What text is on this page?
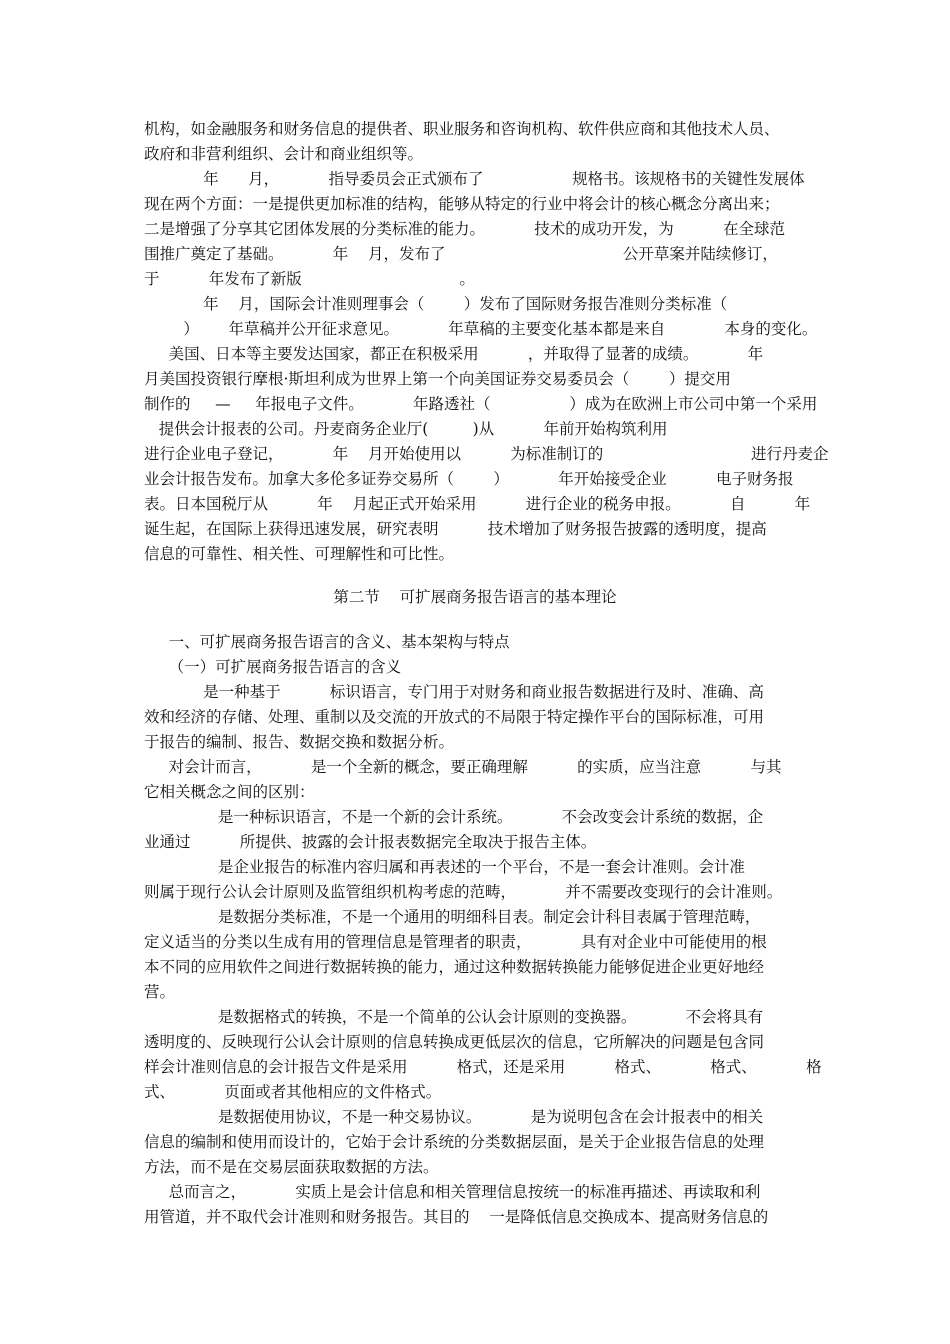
机构，如金融服务和财务信息的提供者、职业服务和咨询机构、软件供应商和其他技术人员、
政府和非营利组织、会计和商业组织等。
年      月，          指导委员会正式颁布了                  规格书。该规格书的关键性发展体
现在两个方面：一是提供更加标准的结构，能够从特定的行业中将会计的核心概念分离出来；
二是增强了分享其它团体发展的分类标准的能力。          技术的成功开发，为          在全球范
围推广奠定了基础。          年    月，发布了                                    公开草案并陆续修订，
于          年发布了新版                                。
年    月，国际会计准则理事会（        ）发布了国际财务报告准则分类标准（
）      年草稿并公开征求意见。          年草稿的主要变化基本都是来自            本身的变化。
美国、日本等主要发达国家，都正在积极采用          ，并取得了显著的成绩。          年
月美国投资银行摩根·斯坦利成为世界上第一个向美国证券交易委员会（        ）提交用
制作的     —     年报电子文件。          年路透社（                ）成为在欧洲上市公司中第一个采用
提供会计报表的公司。丹麦商务企业厅(         )从          年前开始构筑利用
进行企业电子登记，          年    月开始使用以          为标准制订的                              进行丹麦企
业会计报告发布。加拿大多伦多证券交易所（        ）          年开始接受企业          电子财务报
表。日本国税厅从          年    月起正式开始采用          进行企业的税务申报。          自          年
诞生起，在国际上获得迅速发展，研究表明          技术增加了财务报告披露的透明度，提高
信息的可靠性、相关性、可理解性和可比性。
第二节    可扩展商务报告语言的基本理论
一、可扩展商务报告语言的含义、基本架构与特点
（一）可扩展商务报告语言的含义
是一种基于          标识语言，专门用于对财务和商业报告数据进行及时、准确、高
效和经济的存储、处理、重制以及交流的开放式的不局限于特定操作平台的国际标准，可用
于报告的编制、报告、数据交换和数据分析。
对会计而言，          是一个全新的概念，要正确理解          的实质，应当注意          与其
它相关概念之间的区别：
是一种标识语言，不是一个新的会计系统。          不会改变会计系统的数据，企
业通过          所提供、披露的会计报表数据完全取决于报告主体。
是企业报告的标准内容归属和再表述的一个平台，不是一套会计准则。会计准
则属于现行公认会计原则及监管组织机构考虑的范畴，          并不需要改变现行的会计准则。
是数据分类标准，不是一个通用的明细科目表。制定会计科目表属于管理范畴，
定义适当的分类以生成有用的管理信息是管理者的职责，          具有对企业中可能使用的根
本不同的应用软件之间进行数据转换的能力，通过这种数据转换能力能够促进企业更好地经
营。
是数据格式的转换，不是一个简单的公认会计原则的变换器。          不会将具有
透明度的、反映现行公认会计原则的信息转换成更低层次的信息，它所解决的问题是包含同
样会计准则信息的会计报告文件是采用          格式，还是采用          格式、          格式、          格
式、          页面或者其他相应的文件格式。
是数据使用协议，不是一种交易协议。          是为说明包含在会计报表中的相关
信息的编制和使用而设计的，它始于会计系统的分类数据层面，是关于企业报告信息的处理
方法，而不是在交易层面获取数据的方法。
总而言之，          实质上是会计信息和相关管理信息按统一的标准再描述、再读取和利
用管道，并不取代会计准则和财务报告。其目的    一是降低信息交换成本、提高财务信息的
